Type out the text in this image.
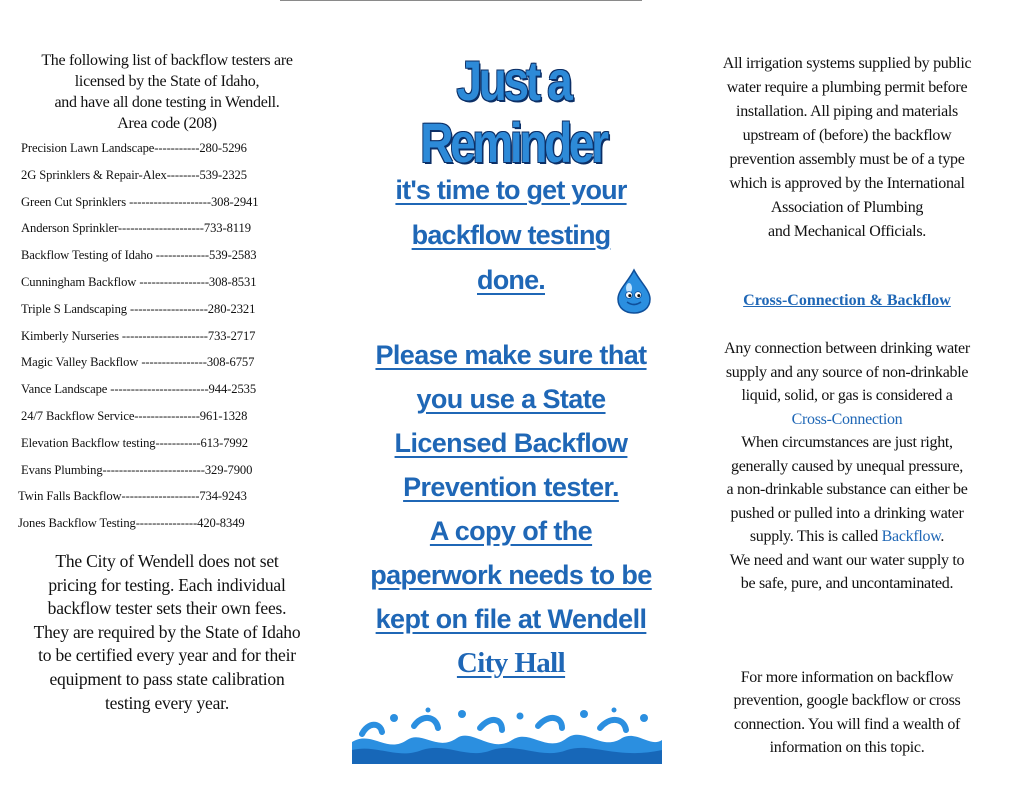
The following list of backflow testers are
licensed by the State of Idaho,
and have all done testing in Wendell.
Area code (208)
Precision Lawn Landscape-----------280-5296
2G Sprinklers & Repair-Alex--------539-2325
Green Cut Sprinklers --------------------308-2941
Anderson Sprinkler---------------------733-8119
Backflow Testing of Idaho -------------539-2583
Cunningham Backflow -----------------308-8531
Triple S Landscaping -------------------280-2321
Kimberly Nurseries ---------------------733-2717
Magic Valley Backflow ----------------308-6757
Vance Landscape ------------------------944-2535
24/7 Backflow Service----------------961-1328
Elevation Backflow testing-----------613-7992
Evans Plumbing-------------------------329-7900
Twin Falls Backflow-------------------734-9243
Jones Backflow Testing---------------420-8349
The City of Wendell does not set
pricing for testing. Each individual
backflow tester sets their own fees.
They are required by the State of Idaho
to be certified every year and for their
equipment to pass state calibration
testing every year.
Just a Reminder
it's time to get your
backflow testing
done.
Please make sure that
you use a State
Licensed Backflow
Prevention tester.
A copy of the
paperwork needs to be
kept on file at Wendell
City Hall
All irrigation systems supplied by public
water require a plumbing permit before
installation. All piping and materials
upstream of (before) the backflow
prevention assembly must be of a type
which is approved by the International
Association of Plumbing
and Mechanical Officials.
Cross-Connection & Backflow
Any connection between drinking water
supply and any source of non-drinkable
liquid, solid, or gas is considered a
Cross-Connection
When circumstances are just right,
generally caused by unequal pressure,
a non-drinkable substance can either be
pushed or pulled into a drinking water
supply. This is called Backflow.
We need and want our water supply to
be safe, pure, and uncontaminated.
For more information on backflow
prevention, google backflow or cross
connection. You will find a wealth of
information on this topic.
